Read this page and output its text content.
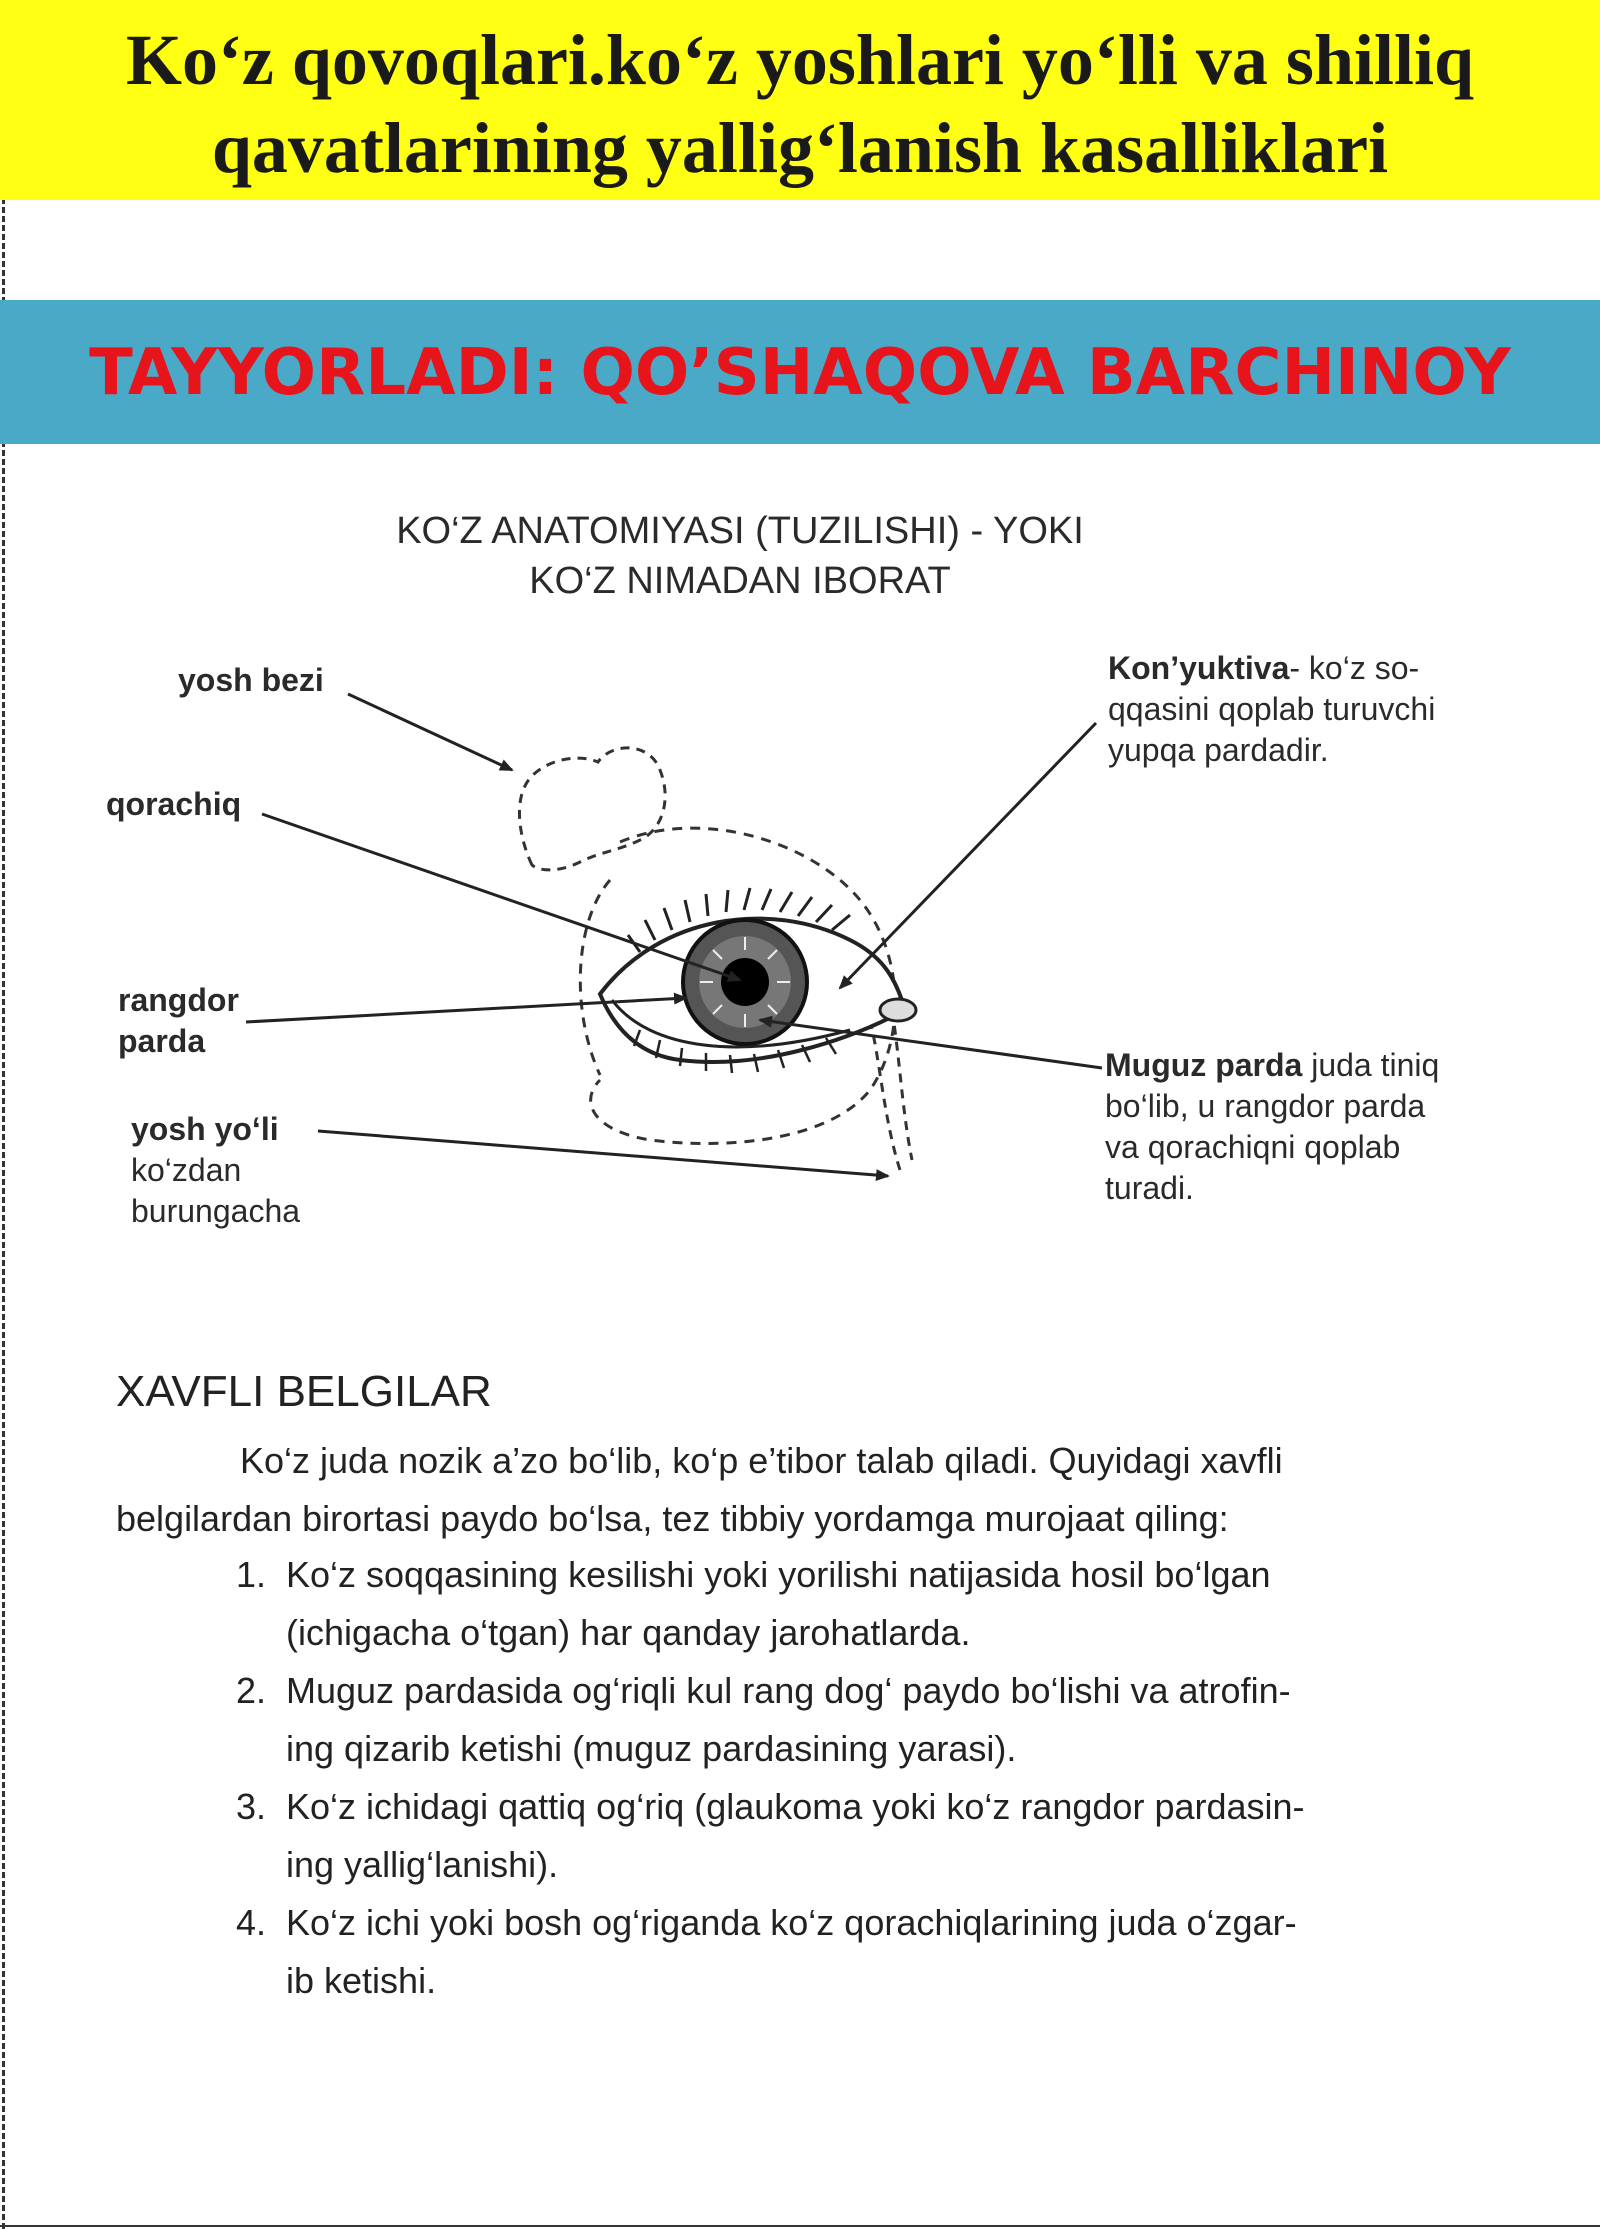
Ko‘z qovoqlari.ko‘z yoshlari yo‘lli va shilliq
qavatlarining yallig‘lanish kasalliklari
TAYYORLADI: QO’SHAQOVA BARCHINOY
KO‘Z ANATOMIYASI (TUZILISHI) - YOKI
KO‘Z NIMADAN IBORAT
yosh bezi
qorachiq
rangdor
parda
yosh yo‘li
ko‘zdan
burungacha
Kon’yuktiva- ko‘z so-
qqasini qoplab turuvchi
yupqa pardadir.
Muguz parda juda tiniq
bo‘lib, u rangdor parda
va qorachiqni qoplab
turadi.
XAVFLI BELGILAR
Ko‘z juda nozik a’zo bo‘lib, ko‘p e’tibor talab qiladi. Quyidagi xavfli belgilardan birortasi paydo bo‘lsa, tez tibbiy yordamga murojaat qiling:
1. Ko‘z soqqasining kesilishi yoki yorilishi natijasida hosil bo‘lgan
(ichigacha o‘tgan) har qanday jarohatlarda.
2. Muguz pardasida og‘riqli kul rang dog‘ paydo bo‘lishi va atrofin-
ing qizarib ketishi (muguz pardasining yarasi).
3. Ko‘z ichidagi qattiq og‘riq (glaukoma yoki ko‘z rangdor pardasin-
ing yallig‘lanishi).
4. Ko‘z ichi yoki bosh og‘riganda ko‘z qorachiqlarining juda o‘zgar-
ib ketishi.
